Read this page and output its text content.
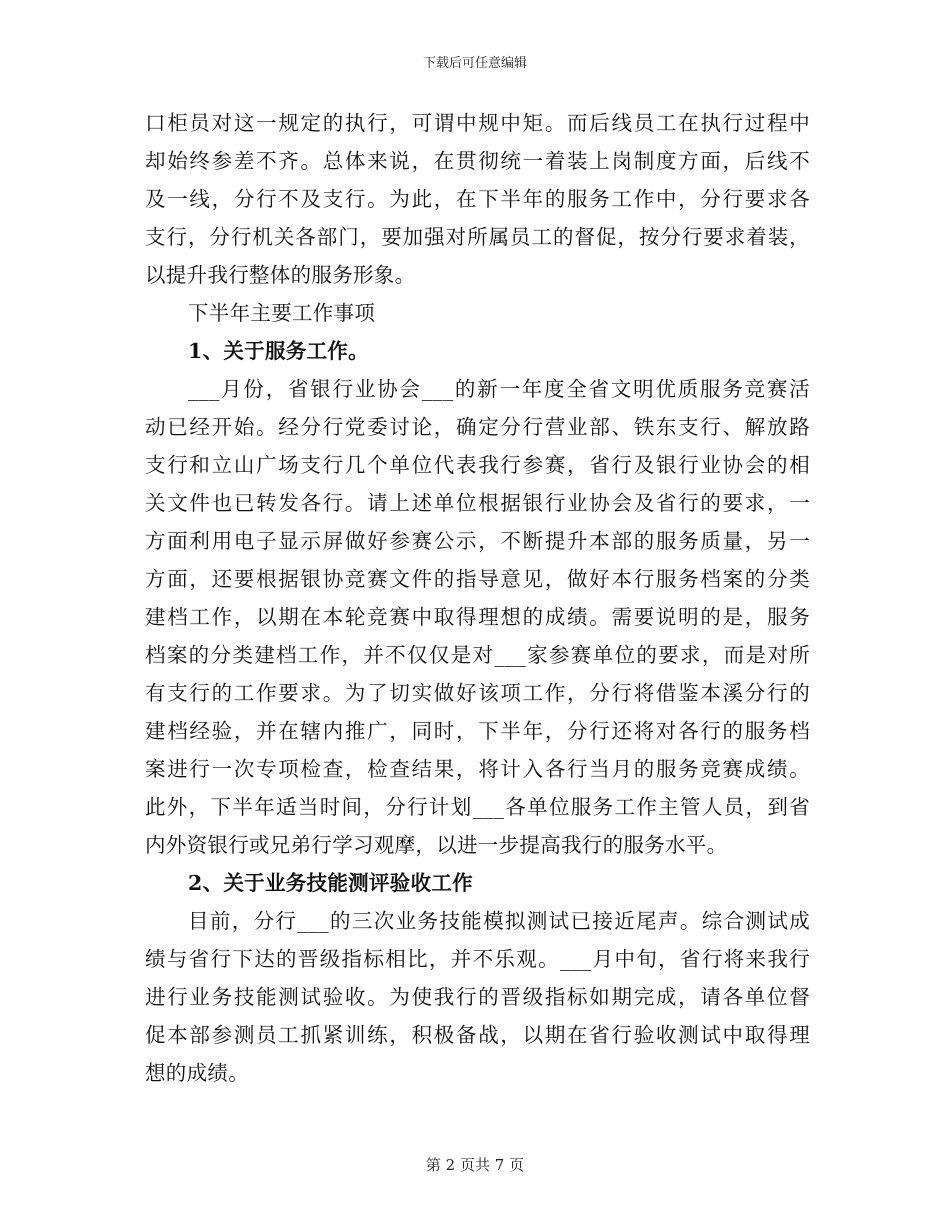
下载后可任意编辑
口柜员对这一规定的执行，可谓中规中矩。而后线员工在执行过程中
却始终参差不齐。总体来说，在贯彻统一着装上岗制度方面，后线不
及一线，分行不及支行。为此，在下半年的服务工作中，分行要求各
支行，分行机关各部门，要加强对所属员工的督促，按分行要求着装，
以提升我行整体的服务形象。
下半年主要工作事项
1、关于服务工作。
___月份，省银行业协会___的新一年度全省文明优质服务竞赛活
动已经开始。经分行党委讨论，确定分行营业部、铁东支行、解放路
支行和立山广场支行几个单位代表我行参赛，省行及银行业协会的相
关文件也已转发各行。请上述单位根据银行业协会及省行的要求，一
方面利用电子显示屏做好参赛公示，不断提升本部的服务质量，另一
方面，还要根据银协竞赛文件的指导意见，做好本行服务档案的分类
建档工作，以期在本轮竞赛中取得理想的成绩。需要说明的是，服务
档案的分类建档工作，并不仅仅是对___家参赛单位的要求，而是对所
有支行的工作要求。为了切实做好该项工作，分行将借鉴本溪分行的
建档经验，并在辖内推广，同时，下半年，分行还将对各行的服务档
案进行一次专项检查，检查结果，将计入各行当月的服务竞赛成绩。
此外，下半年适当时间，分行计划___各单位服务工作主管人员，到省
内外资银行或兄弟行学习观摩，以进一步提高我行的服务水平。
2、关于业务技能测评验收工作
目前，分行___的三次业务技能模拟测试已接近尾声。综合测试成
绩与省行下达的晋级指标相比，并不乐观。___月中旬，省行将来我行
进行业务技能测试验收。为使我行的晋级指标如期完成，请各单位督
促本部参测员工抓紧训练，积极备战，以期在省行验收测试中取得理
想的成绩。
第 2 页共 7 页
